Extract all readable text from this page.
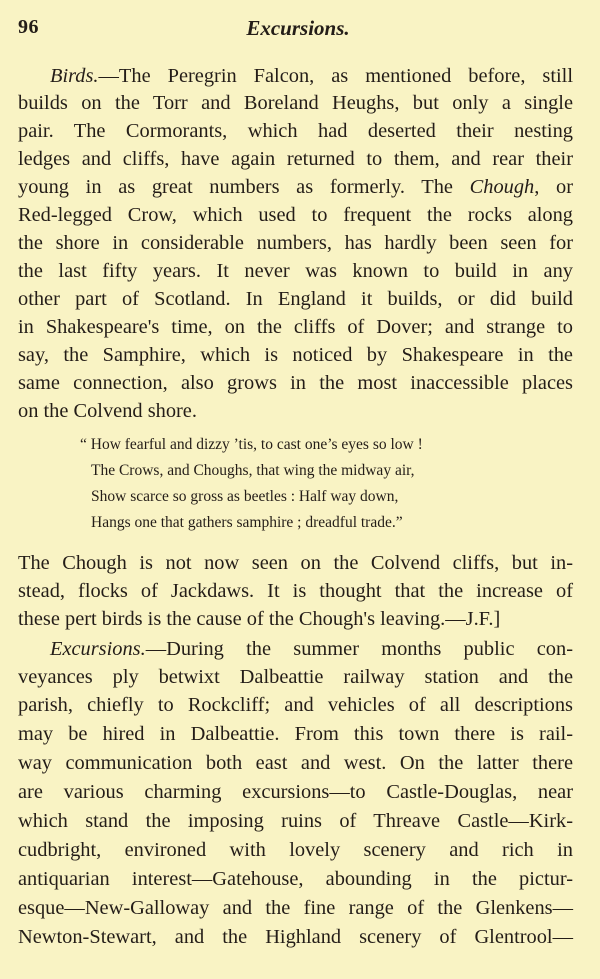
96	Excursions.
Birds.—The Peregrin Falcon, as mentioned before, still
builds on the Torr and Boreland Heughs, but only a single
pair. The Cormorants, which had deserted their nesting
ledges and cliffs, have again returned to them, and rear their
young in as great numbers as formerly. The Chough, or
Red-legged Crow, which used to frequent the rocks along
the shore in considerable numbers, has hardly been seen for
the last fifty years. It never was known to build in any
other part of Scotland. In England it builds, or did build
in Shakespeare's time, on the cliffs of Dover; and strange to
say, the Samphire, which is noticed by Shakespeare in the
same connection, also grows in the most inaccessible places
on the Colvend shore.
“ How fearful and dizzy ’tis, to cast one’s eyes so low !
The Crows, and Choughs, that wing the midway air,
Show scarce so gross as beetles : Half way down,
Hangs one that gathers samphire ; dreadful trade.”
The Chough is not now seen on the Colvend cliffs, but in-
stead, flocks of Jackdaws. It is thought that the increase of
these pert birds is the cause of the Chough's leaving.—J.F.]
Excursions.—During the summer months public con-
veyances ply betwixt Dalbeattie railway station and the
parish, chiefly to Rockcliff; and vehicles of all descriptions
may be hired in Dalbeattie. From this town there is rail-
way communication both east and west. On the latter there
are various charming excursions—to Castle-Douglas, near
which stand the imposing ruins of Threave Castle—Kirk-
cudbright, environed with lovely scenery and rich in
antiquarian interest—Gatehouse, abounding in the pictur-
esque—New-Galloway and the fine range of the Glenkens—
Newton-Stewart, and the Highland scenery of Glentrool—
